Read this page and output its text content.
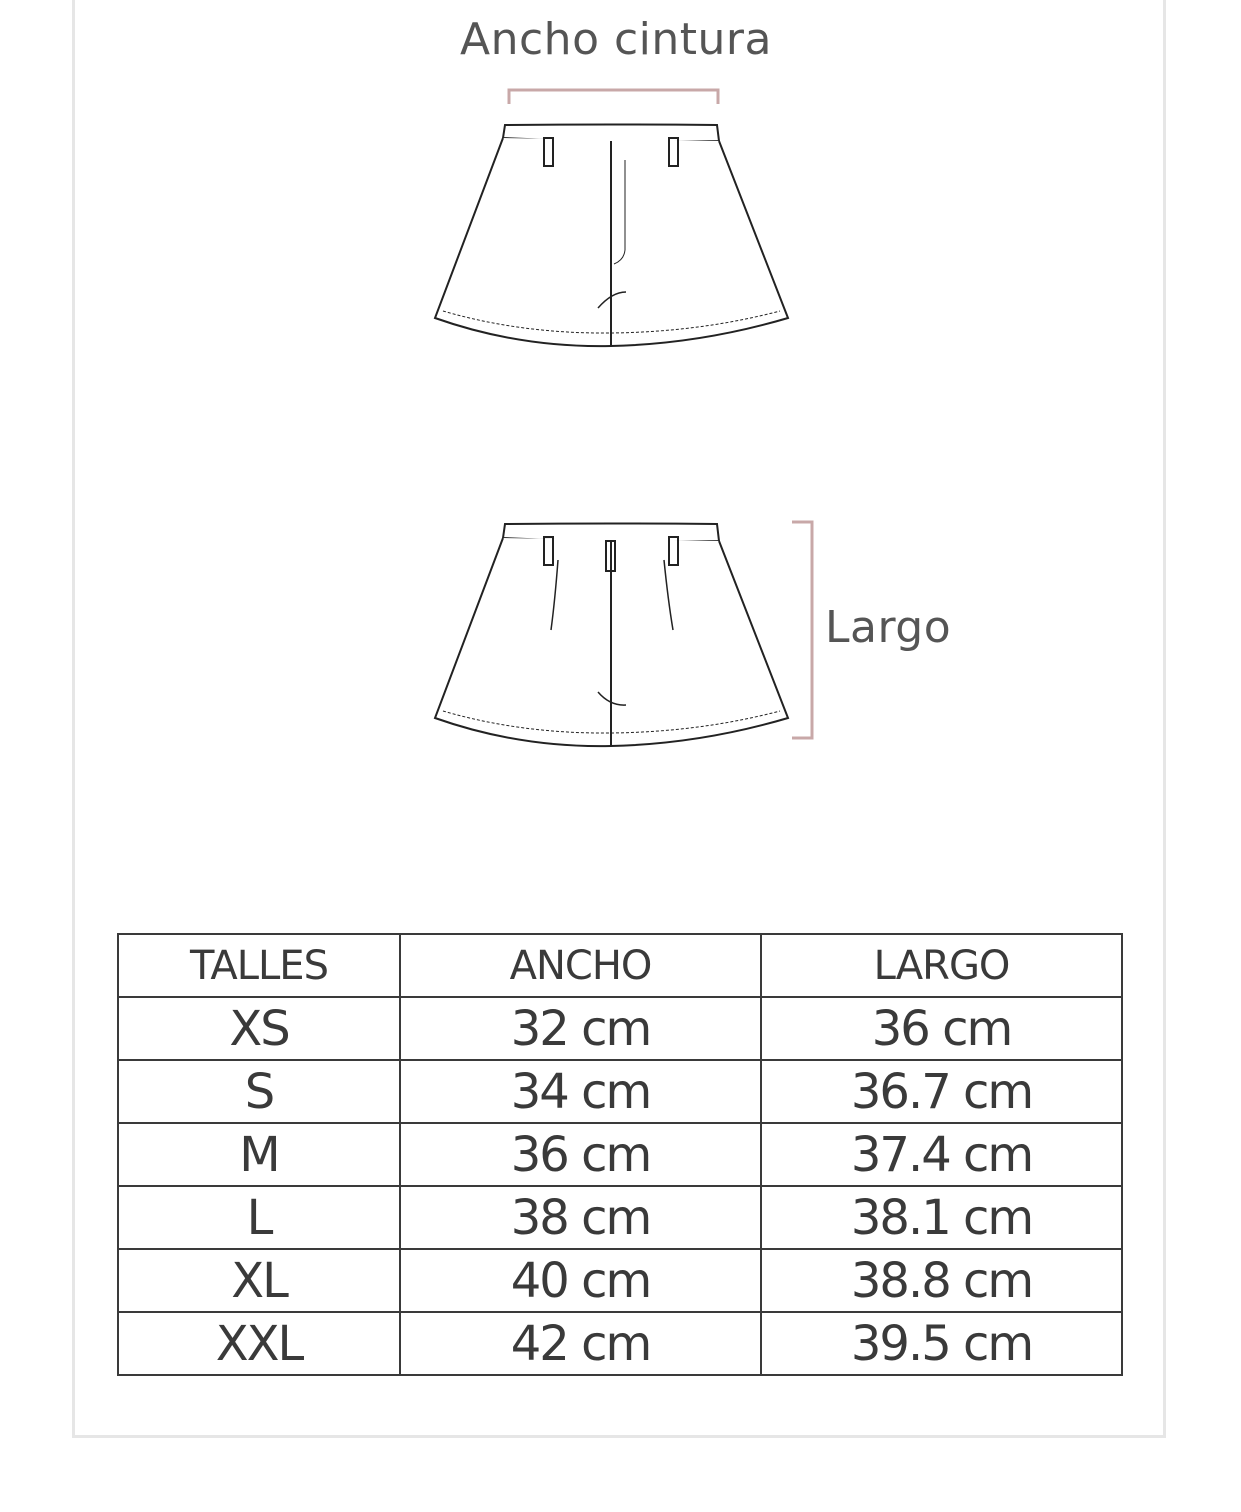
Ancho cintura
Largo
TALLES	ANCHO	LARGO
XS	32 cm	36 cm
S	34 cm	36.7 cm
M	36 cm	37.4 cm
L	38 cm	38.1 cm
XL	40 cm	38.8 cm
XXL	42 cm	39.5 cm
